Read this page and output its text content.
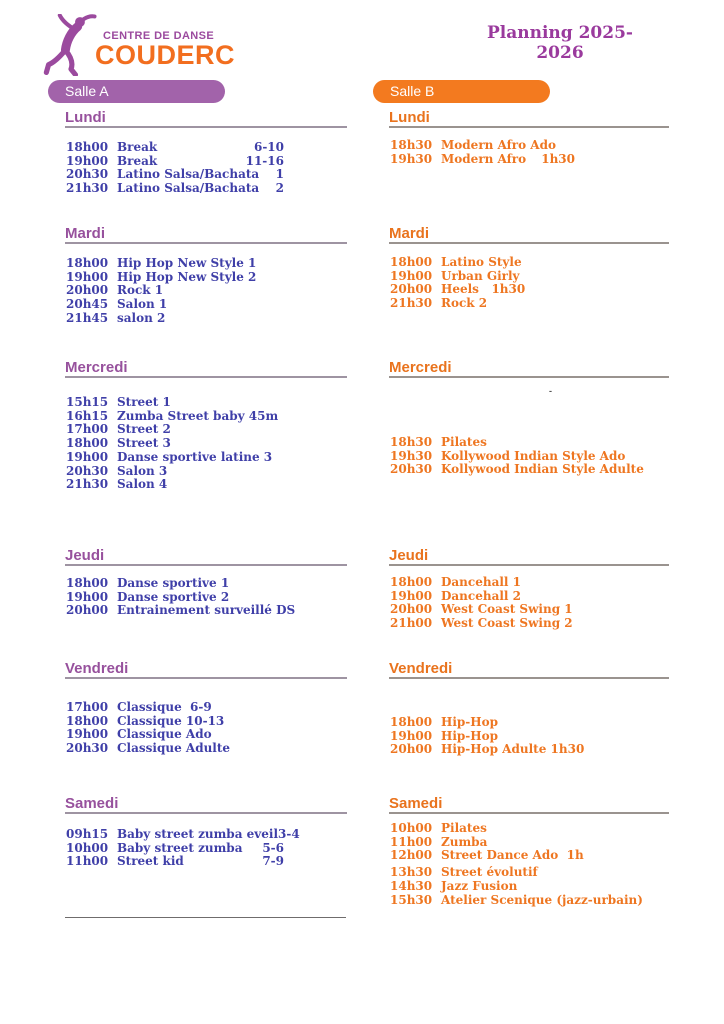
CENTRE DE DANSE
COUDERC
Planning 2025-2026
Salle A	Salle B
Lundi
18h00 Break	6-10
19h00 Break	11-16
20h30 Latino Salsa/Bachata 1
21h30 Latino Salsa/Bachata 2
Mardi
18h00 Hip Hop New Style 1
19h00 Hip Hop New Style 2
20h00 Rock 1
20h45 Salon 1
21h45 salon 2
Mercredi
15h15 Street 1
16h15 Zumba Street baby 45m
17h00 Street 2
18h00 Street 3
19h00 Danse sportive latine 3
20h30 Salon 3
21h30 Salon 4
Jeudi
18h00 Danse sportive 1
19h00 Danse sportive 2
20h00 Entrainement surveillé DS
Vendredi
17h00 Classique  6-9
18h00 Classique 10-13
19h00 Classique Ado
20h30 Classique Adulte
Samedi
09h15 Baby street zumba eveil 3-4
10h00 Baby street zumba 5-6
11h00 Street kid	7-9
Lundi
18h30 Modern Afro Ado
19h30 Modern Afro 1h30
Mardi
18h00 Latino Style
19h00 Urban Girly
20h00 Heels   1h30
21h30 Rock 2
Mercredi
-
18h30 Pilates
19h30 Kollywood Indian Style Ado
20h30 Kollywood Indian Style Adulte
Jeudi
18h00 Dancehall 1
19h00 Dancehall 2
20h00 West Coast Swing 1
21h00 West Coast Swing 2
Vendredi
18h00 Hip-Hop
19h00 Hip-Hop
20h00 Hip-Hop Adulte 1h30
Samedi
10h00 Pilates
11h00 Zumba
12h00 Street Dance Ado  1h
13h30 Street évolutif
14h30 Jazz Fusion
15h30 Atelier Scenique (jazz-urbain)
